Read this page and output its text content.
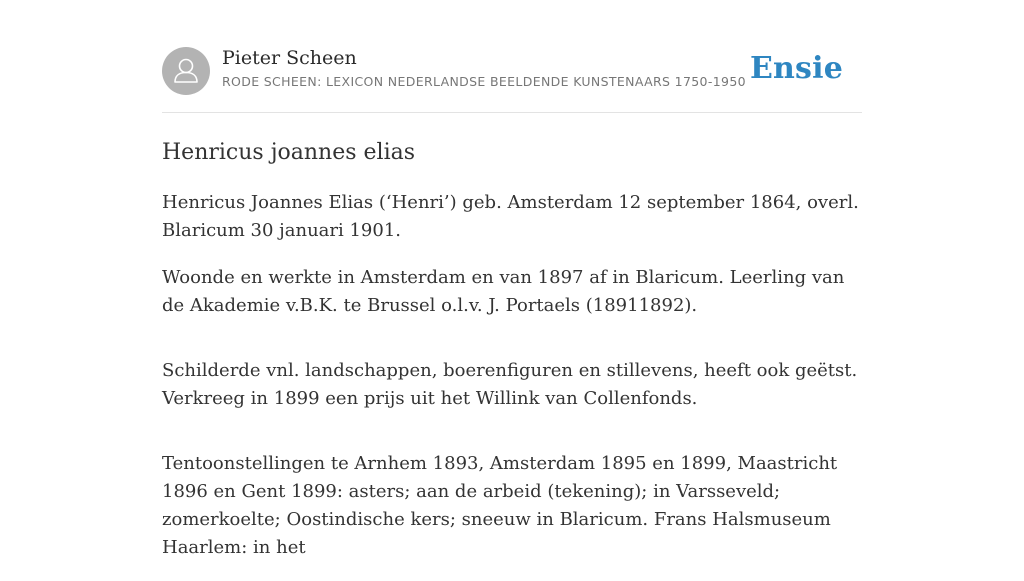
Pieter Scheen
RODE SCHEEN: LEXICON NEDERLANDSE BEELDENDE KUNSTENAARS 1750-1950 Ensie
Henricus joannes elias

Henricus Joannes Elias (‘Henri’) geb. Amsterdam 12 september 1864, overl. Blaricum 30 januari 1901.

Woonde en werkte in Amsterdam en van 1897 af in Blaricum. Leerling van de Akademie v.B.K. te Brussel o.l.v. J. Portaels (18911892).

Schilderde vnl. landschappen, boerenfiguren en stillevens, heeft ook geëtst. Verkreeg in 1899 een prijs uit het Willink van Collenfonds.

Tentoonstellingen te Arnhem 1893, Amsterdam 1895 en 1899, Maastricht 1896 en Gent 1899: asters; aan de arbeid (tekening); in Varsseveld; zomerkoelte; Oostindische kers; sneeuw in Blaricum. Frans Halsmuseum Haarlem: in het
